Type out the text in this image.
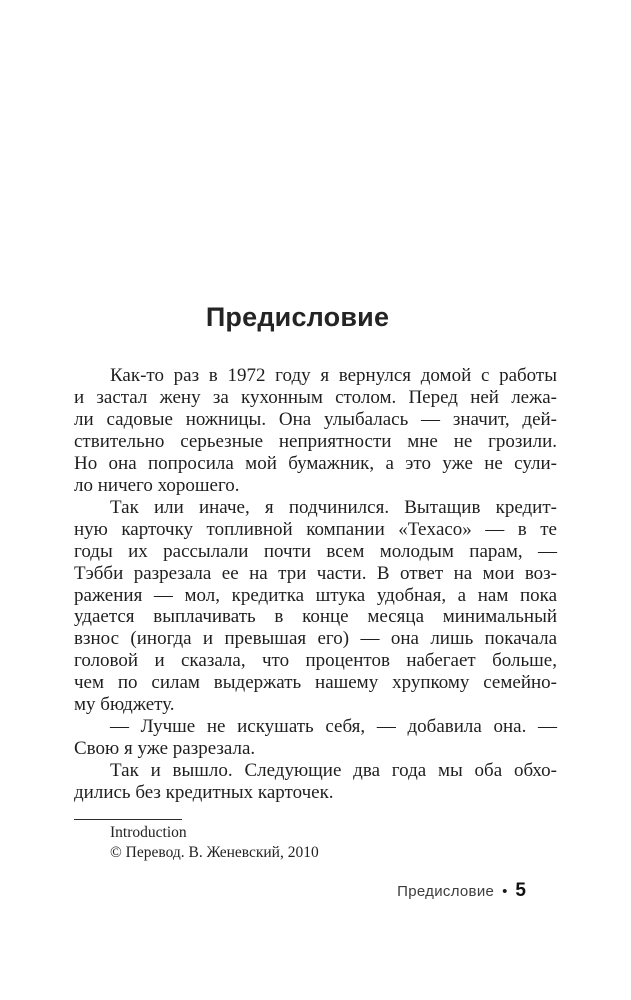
Предисловие
Как-то раз в 1972 году я вернулся домой с работы
и застал жену за кухонным столом. Перед ней лежа-
ли садовые ножницы. Она улыбалась — значит, дей-
ствительно серьезные неприятности мне не грозили.
Но она попросила мой бумажник, а это уже не сули-
ло ничего хорошего.
Так или иначе, я подчинился. Вытащив кредит-
ную карточку топливной компании «Texaco» — в те
годы их рассылали почти всем молодым парам, —
Тэбби разрезала ее на три части. В ответ на мои воз-
ражения — мол, кредитка штука удобная, а нам пока
удается выплачивать в конце месяца минимальный
взнос (иногда и превышая его) — она лишь покачала
головой и сказала, что процентов набегает больше,
чем по силам выдержать нашему хрупкому семейно-
му бюджету.
— Лучше не искушать себя, — добавила она. —
Свою я уже разрезала.
Так и вышло. Следующие два года мы оба обхо-
дились без кредитных карточек.
Introduction
© Перевод. В. Женевский, 2010
Предисловие • 5
